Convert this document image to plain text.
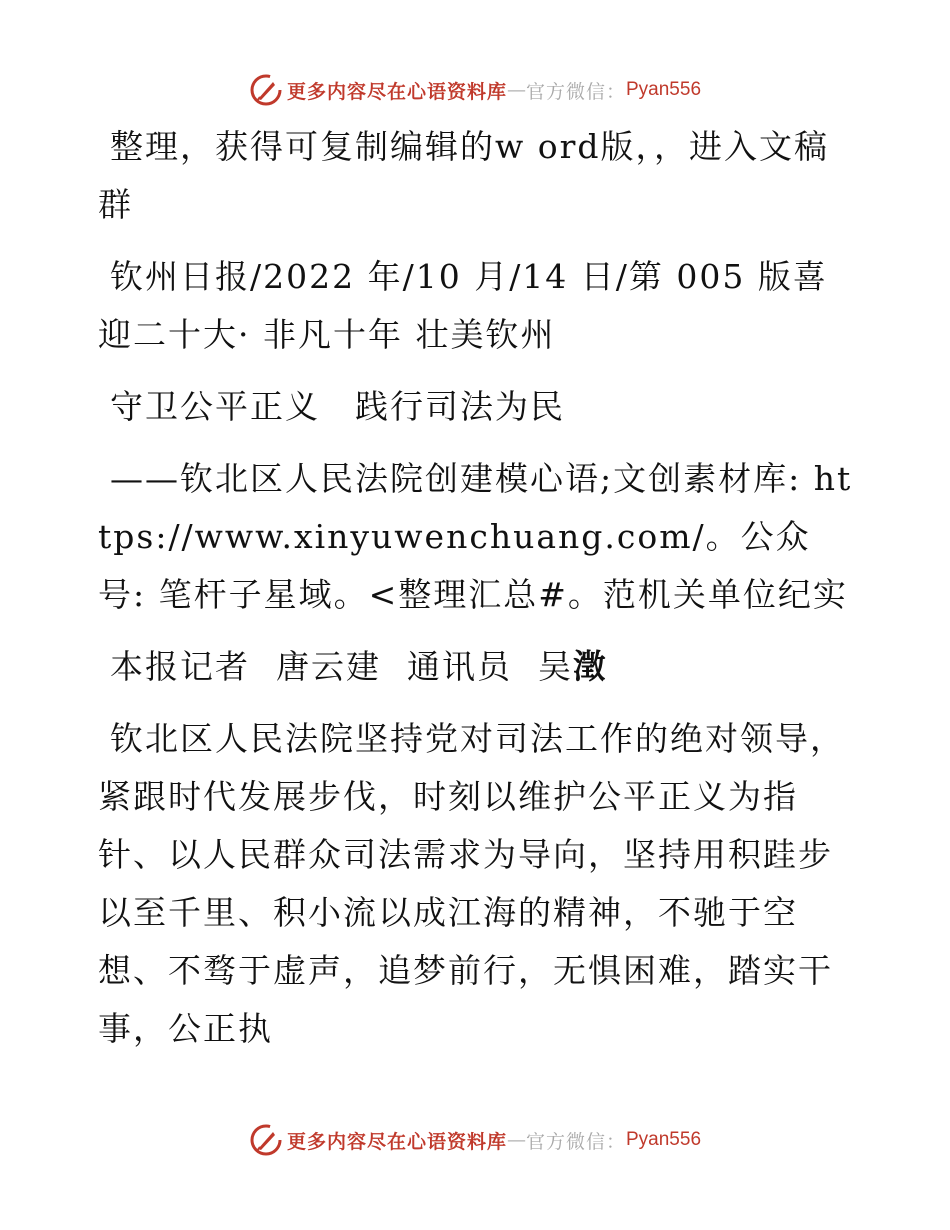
更多内容尽在心语资料库 — 官方微信： Pyan556

整理，获得可复制编辑的w ord版，，进入文稿群

钦州日报/2022 年/10 月/14 日/第 005 版喜迎二十大· 非凡十年 壮美钦州

守卫公平正义　践行司法为民

——钦北区人民法院创建模心语;文创素材库: https://www.xinyuwenchuang.com/。公众号: 笔杆子星域。<整理汇总#。范机关单位纪实

本报记者 唐云建 通讯员 吴澂

钦北区人民法院坚持党对司法工作的绝对领导，紧跟时代发展步伐，时刻以维护公平正义为指针、以人民群众司法需求为导向，坚持用积跬步以至千里、积小流以成江海的精神，不驰于空想、不骛于虚声，追梦前行，无惧困难，踏实干事，公正执

更多内容尽在心语资料库 — 官方微信： Pyan556
